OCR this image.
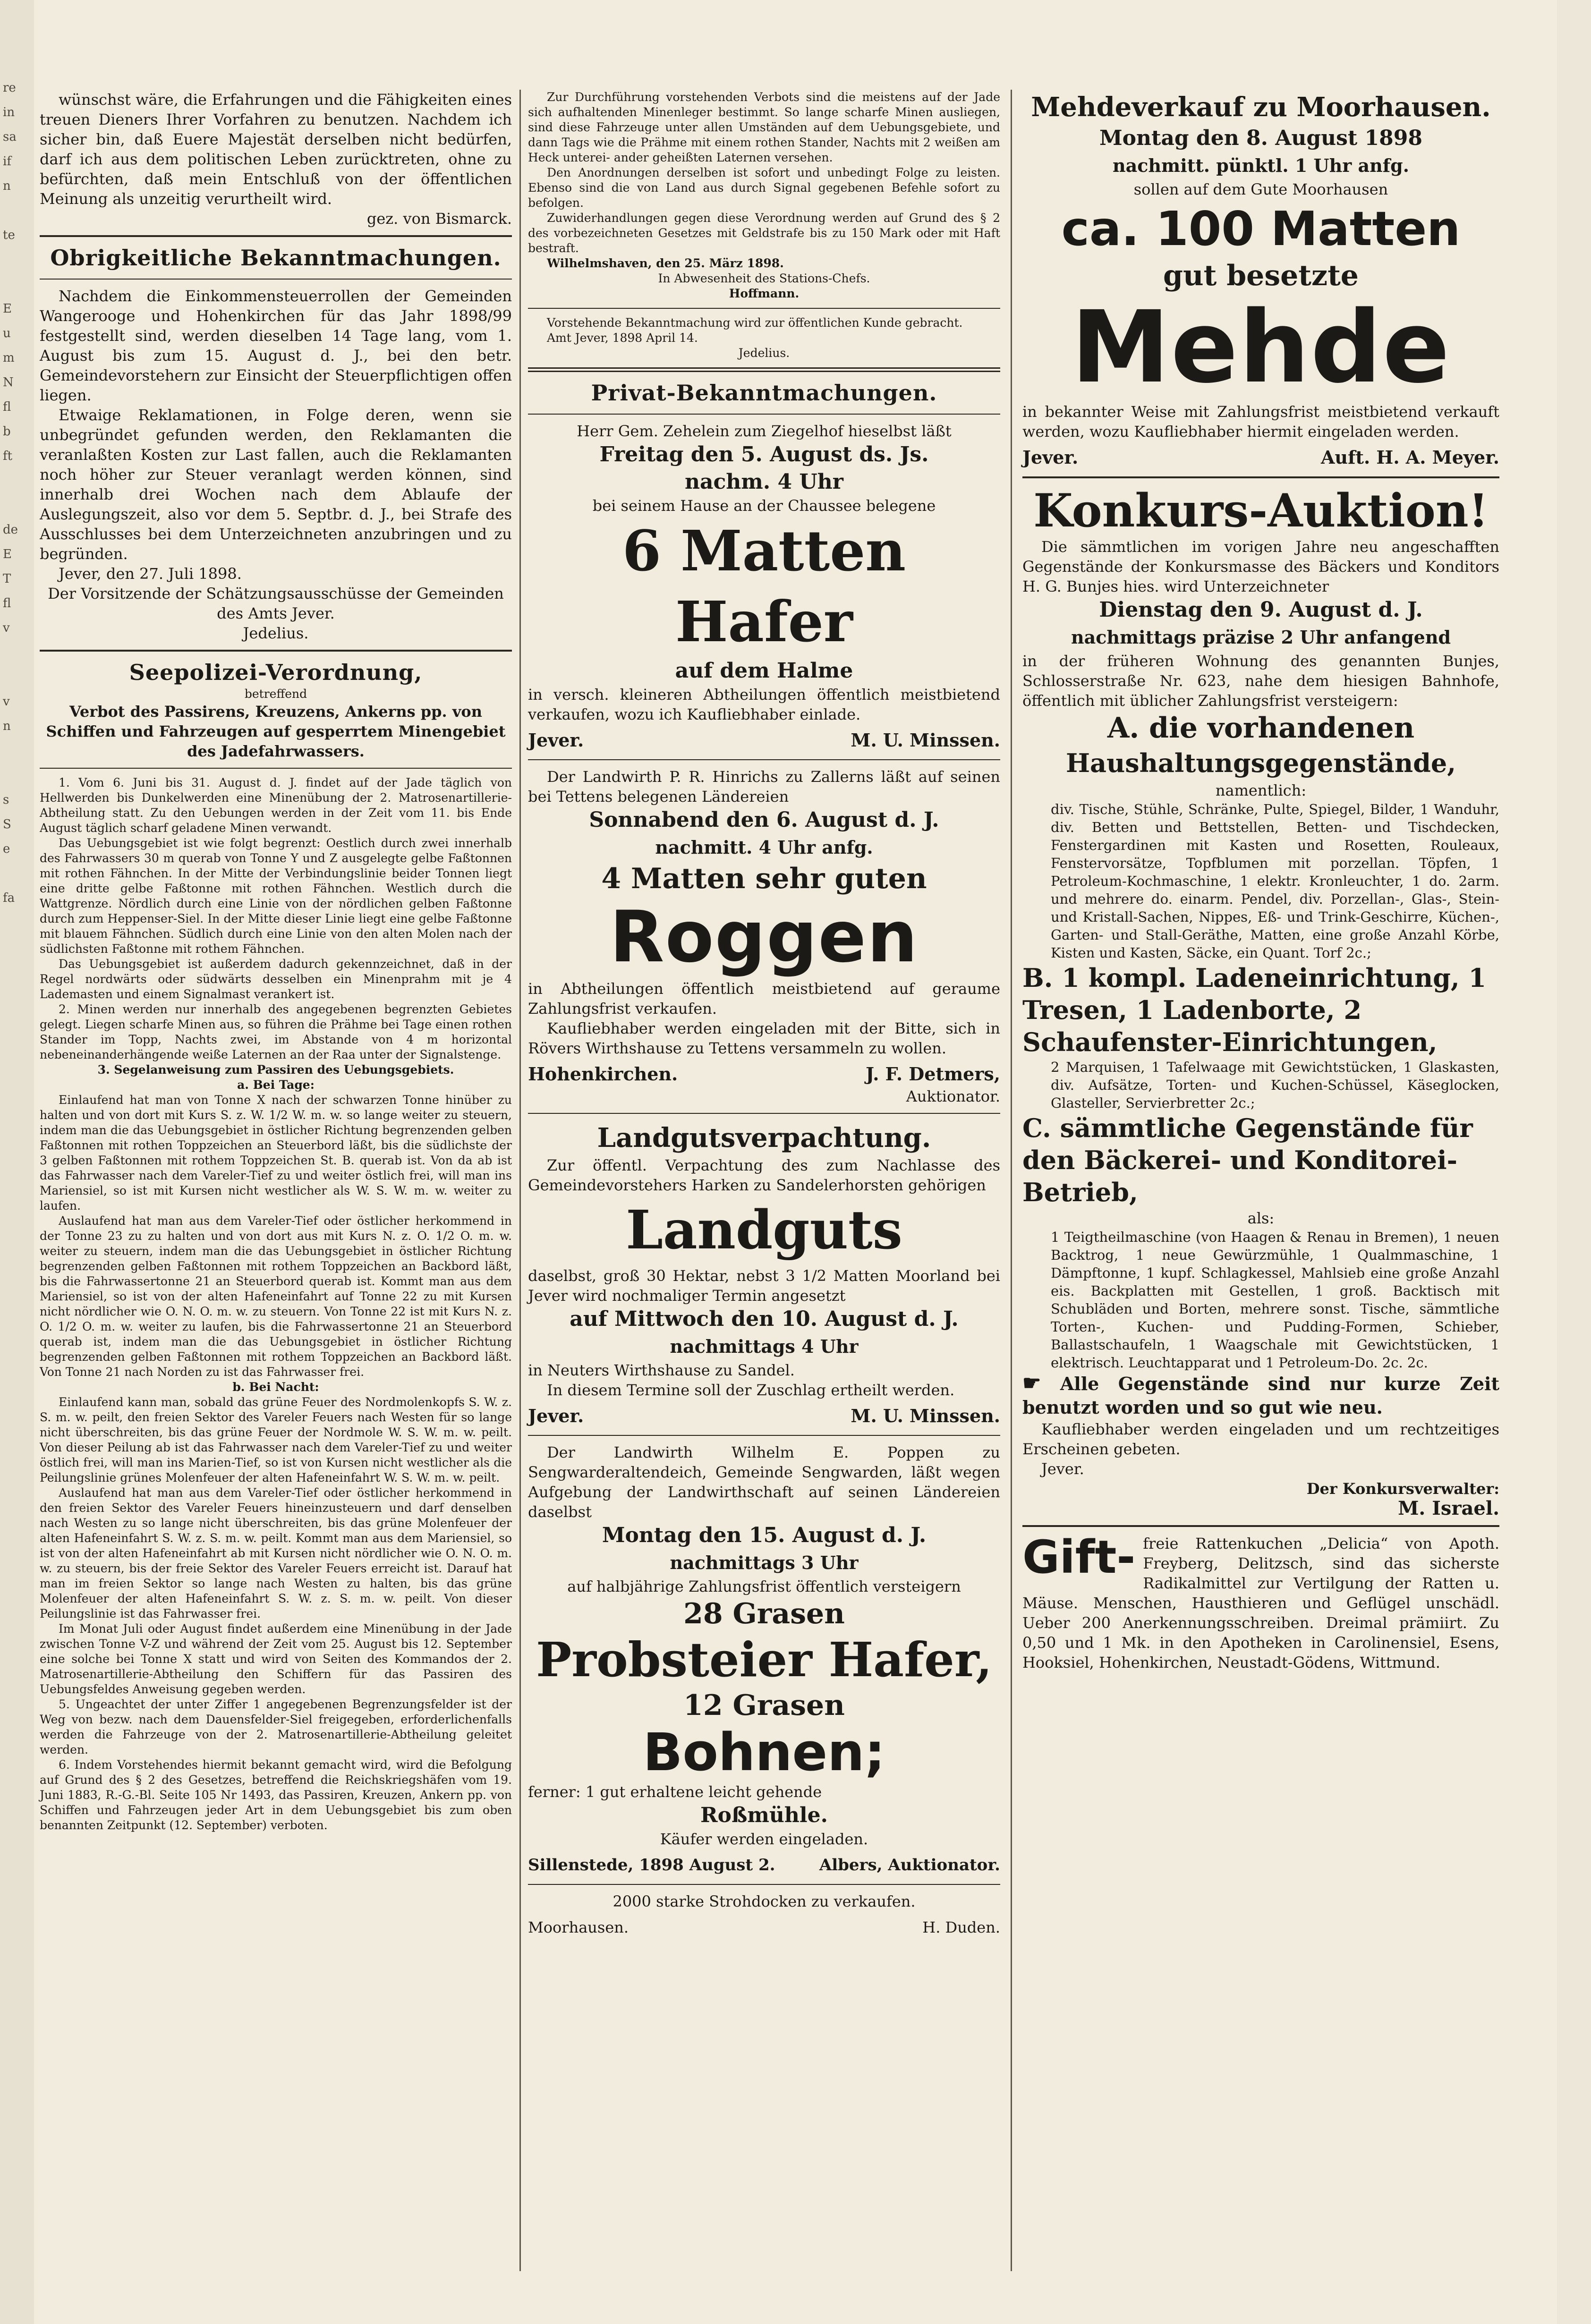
re
in
sa
if
n

te

E
u
m
N
fl
b
ft

de
E
T
fl
v

v
n

s
S
e

fa

wünschst wäre, die Erfahrungen und die Fähigkeiten eines treuen Dieners Ihrer Vorfahren zu benutzen. Nachdem ich sicher bin, daß Euere Majestät derselben nicht bedürfen, darf ich aus dem politischen Leben zurücktreten, ohne zu befürchten, daß mein Entschluß von der öffentlichen Meinung als unzeitig verurtheilt wird.

gez. von Bismarck.

Obrigkeitliche Bekanntmachungen.

Nachdem die Einkommensteuerrollen der Gemeinden Wangerooge und Hohenkirchen für das Jahr 1898/99 festgestellt sind, werden dieselben 14 Tage lang, vom 1. August bis zum 15. August d. J., bei den betr. Gemeindevorstehern zur Einsicht der Steuerpflichtigen offen liegen.

Etwaige Reklamationen, in Folge deren, wenn sie unbegründet gefunden werden, den Reklamanten die veranlaßten Kosten zur Last fallen, auch die Reklamanten noch höher zur Steuer veranlagt werden können, sind innerhalb drei Wochen nach dem Ablaufe der Auslegungszeit, also vor dem 5. Septbr. d. J., bei Strafe des Ausschlusses bei dem Unterzeichneten anzubringen und zu begründen.

Jever, den 27. Juli 1898.

Der Vorsitzende der Schätzungsausschüsse der Gemeinden des Amts Jever.

Jedelius.

Seepolizei-Verordnung,

betreffend

Verbot des Passirens, Kreuzens, Ankerns pp. von Schiffen und Fahrzeugen auf gesperrtem Minengebiet des Jadefahrwassers.

1. Vom 6. Juni bis 31. August d. J. findet auf der Jade täglich von Hellwerden bis Dunkelwerden eine Minenübung der 2. Matrosenartillerie-Abtheilung statt. Zu den Uebungen werden in der Zeit vom 11. bis Ende August täglich scharf geladene Minen verwandt.

Das Uebungsgebiet ist wie folgt begrenzt: Oestlich durch zwei innerhalb des Fahrwassers 30 m querab von Tonne Y und Z ausgelegte gelbe Faßtonnen mit rothen Fähnchen. In der Mitte der Verbindungslinie beider Tonnen liegt eine dritte gelbe Faßtonne mit rothen Fähnchen. Westlich durch die Wattgrenze. Nördlich durch eine Linie von der nördlichen gelben Faßtonne durch zum Heppenser-Siel. In der Mitte dieser Linie liegt eine gelbe Faßtonne mit blauem Fähnchen. Südlich durch eine Linie von den alten Molen nach der südlichsten Faßtonne mit rothem Fähnchen.

Das Uebungsgebiet ist außerdem dadurch gekennzeichnet, daß in der Regel nordwärts oder südwärts desselben ein Minenprahm mit je 4 Lademasten und einem Signalmast verankert ist.

2. Minen werden nur innerhalb des angegebenen begrenzten Gebietes gelegt. Liegen scharfe Minen aus, so führen die Prähme bei Tage einen rothen Stander im Topp, Nachts zwei, im Abstande von 4 m horizontal nebeneinanderhängende weiße Laternen an der Raa unter der Signalstenge.

3. Segelanweisung zum Passiren des Uebungsgebiets.

a. Bei Tage:

Einlaufend hat man von Tonne X nach der schwarzen Tonne hinüber zu halten und von dort mit Kurs S. z. W. 1/2 W. m. w. so lange weiter zu steuern, indem man die das Uebungsgebiet in östlicher Richtung begrenzenden gelben Faßtonnen mit rothen Toppzeichen an Steuerbord läßt, bis die südlichste der 3 gelben Faßtonnen mit rothem Toppzeichen St. B. querab ist. Von da ab ist das Fahrwasser nach dem Vareler-Tief zu und weiter östlich frei, will man ins Mariensiel, so ist mit Kursen nicht westlicher als W. S. W. m. w. weiter zu laufen.

Auslaufend hat man aus dem Vareler-Tief oder östlicher herkommend in der Tonne 23 zu zu halten und von dort aus mit Kurs N. z. O. 1/2 O. m. w. weiter zu steuern, indem man die das Uebungsgebiet in östlicher Richtung begrenzenden gelben Faßtonnen mit rothem Toppzeichen an Backbord läßt, bis die Fahrwassertonne 21 an Steuerbord querab ist. Kommt man aus dem Mariensiel, so ist von der alten Hafeneinfahrt auf Tonne 22 zu mit Kursen nicht nördlicher wie O. N. O. m. w. zu steuern. Von Tonne 22 ist mit Kurs N. z. O. 1/2 O. m. w. weiter zu laufen, bis die Fahrwassertonne 21 an Steuerbord querab ist, indem man die das Uebungsgebiet in östlicher Richtung begrenzenden gelben Faßtonnen mit rothem Toppzeichen an Backbord läßt. Von Tonne 21 nach Norden zu ist das Fahrwasser frei.

b. Bei Nacht:

Einlaufend kann man, sobald das grüne Feuer des Nordmolenkopfs S. W. z. S. m. w. peilt, den freien Sektor des Vareler Feuers nach Westen für so lange nicht überschreiten, bis das grüne Feuer der Nordmole W. S. W. m. w. peilt. Von dieser Peilung ab ist das Fahrwasser nach dem Vareler-Tief zu und weiter östlich frei, will man ins Marien-Tief, so ist von Kursen nicht westlicher als die Peilungslinie grünes Molenfeuer der alten Hafeneinfahrt W. S. W. m. w. peilt.

Auslaufend hat man aus dem Vareler-Tief oder östlicher herkommend in den freien Sektor des Vareler Feuers hineinzusteuern und darf denselben nach Westen zu so lange nicht überschreiten, bis das grüne Molenfeuer der alten Hafeneinfahrt S. W. z. S. m. w. peilt. Kommt man aus dem Mariensiel, so ist von der alten Hafeneinfahrt ab mit Kursen nicht nördlicher wie O. N. O. m. w. zu steuern, bis der freie Sektor des Vareler Feuers erreicht ist. Darauf hat man im freien Sektor so lange nach Westen zu halten, bis das grüne Molenfeuer der alten Hafeneinfahrt S. W. z. S. m. w. peilt. Von dieser Peilungslinie ist das Fahrwasser frei.

Im Monat Juli oder August findet außerdem eine Minenübung in der Jade zwischen Tonne V-Z und während der Zeit vom 25. August bis 12. September eine solche bei Tonne X statt und wird von Seiten des Kommandos der 2. Matrosenartillerie-Abtheilung den Schiffern für das Passiren des Uebungsfeldes Anweisung gegeben werden.

5. Ungeachtet der unter Ziffer 1 angegebenen Begrenzungsfelder ist der Weg von bezw. nach dem Dauensfelder-Siel freigegeben, erforderlichenfalls werden die Fahrzeuge von der 2. Matrosenartillerie-Abtheilung geleitet werden.

6. Indem Vorstehendes hiermit bekannt gemacht wird, wird die Befolgung auf Grund des § 2 des Gesetzes, betreffend die Reichskriegshäfen vom 19. Juni 1883, R.-G.-Bl. Seite 105 Nr 1493, das Passiren, Kreuzen, Ankern pp. von Schiffen und Fahrzeugen jeder Art in dem Uebungsgebiet bis zum oben benannten Zeitpunkt (12. September) verboten.

Zur Durchführung vorstehenden Verbots sind die meistens auf der Jade sich aufhaltenden Minenleger bestimmt. So lange scharfe Minen ausliegen, sind diese Fahrzeuge unter allen Umständen auf dem Uebungsgebiete, und dann Tags wie die Prähme mit einem rothen Stander, Nachts mit 2 weißen am Heck unterei- ander geheißten Laternen versehen.

Den Anordnungen derselben ist sofort und unbedingt Folge zu leisten. Ebenso sind die von Land aus durch Signal gegebenen Befehle sofort zu befolgen.

Zuwiderhandlungen gegen diese Verordnung werden auf Grund des § 2 des vorbezeichneten Gesetzes mit Geldstrafe bis zu 150 Mark oder mit Haft bestraft.

Wilhelmshaven, den 25. März 1898.

In Abwesenheit des Stations-Chefs.

Hoffmann.

Vorstehende Bekanntmachung wird zur öffentlichen Kunde gebracht.

Amt Jever, 1898 April 14.

Jedelius.

Privat-Bekanntmachungen.

Herr Gem. Zehelein zum Ziegelhof hieselbst läßt

Freitag den 5. August ds. Js.

nachm. 4 Uhr

bei seinem Hause an der Chaussee belegene

6 Matten Hafer

auf dem Halme

in versch. kleineren Abtheilungen öffentlich meistbietend verkaufen, wozu ich Kaufliebhaber einlade.

Jever.	M. U. Minssen.

Der Landwirth P. R. Hinrichs zu Zallerns läßt auf seinen bei Tettens belegenen Ländereien

Sonnabend den 6. August d. J.

nachmitt. 4 Uhr anfg.

4 Matten sehr guten

Roggen

in Abtheilungen öffentlich meistbietend auf geraume Zahlungsfrist verkaufen.

Kaufliebhaber werden eingeladen mit der Bitte, sich in Rövers Wirthshause zu Tettens versammeln zu wollen.

Hohenkirchen.	J. F. Detmers,

Auktionator.

Landgutsverpachtung.

Zur öffentl. Verpachtung des zum Nachlasse des Gemeindevorstehers Harken zu Sandelerhorsten gehörigen

Landguts

daselbst, groß 30 Hektar, nebst 3 1/2 Matten Moorland bei Jever wird nochmaliger Termin angesetzt

auf Mittwoch den 10. August d. J.

nachmittags 4 Uhr

in Neuters Wirthshause zu Sandel.

In diesem Termine soll der Zuschlag ertheilt werden.

Jever.	M. U. Minssen.

Der Landwirth Wilhelm E. Poppen zu Sengwarderaltendeich, Gemeinde Sengwarden, läßt wegen Aufgebung der Landwirthschaft auf seinen Ländereien daselbst

Montag den 15. August d. J.

nachmittags 3 Uhr

auf halbjährige Zahlungsfrist öffentlich versteigern

28 Grasen

Probsteier Hafer,

12 Grasen

Bohnen;

ferner: 1 gut erhaltene leicht gehende

Roßmühle.

Käufer werden eingeladen.

Sillenstede, 1898 August 2.	Albers, Auktionator.

2000 starke Strohdocken zu verkaufen.

Moorhausen.	H. Duden.

Mehdeverkauf zu Moorhausen.

Montag den 8. August 1898

nachmitt. pünktl. 1 Uhr anfg.

sollen auf dem Gute Moorhausen

ca. 100 Matten

gut besetzte

Mehde

in bekannter Weise mit Zahlungsfrist meistbietend verkauft werden, wozu Kaufliebhaber hiermit eingeladen werden.

Jever.	Auft. H. A. Meyer.

Konkurs-Auktion!

Die sämmtlichen im vorigen Jahre neu angeschafften Gegenstände der Konkursmasse des Bäckers und Konditors H. G. Bunjes hies. wird Unterzeichneter

Dienstag den 9. August d. J.

nachmittags präzise 2 Uhr anfangend

in der früheren Wohnung des genannten Bunjes, Schlosserstraße Nr. 623, nahe dem hiesigen Bahnhofe, öffentlich mit üblicher Zahlungsfrist versteigern:

A. die vorhandenen

Haushaltungsgegenstände,

namentlich:

div. Tische, Stühle, Schränke, Pulte, Spiegel, Bilder, 1 Wanduhr, div. Betten und Bettstellen, Betten- und Tischdecken, Fenstergardinen mit Kasten und Rosetten, Rouleaux, Fenstervorsätze, Topfblumen mit porzellan. Töpfen, 1 Petroleum-Kochmaschine, 1 elektr. Kronleuchter, 1 do. 2arm. und mehrere do. einarm. Pendel, div. Porzellan-, Glas-, Stein- und Kristall-Sachen, Nippes, Eß- und Trink-Geschirre, Küchen-, Garten- und Stall-Geräthe, Matten, eine große Anzahl Körbe, Kisten und Kasten, Säcke, ein Quant. Torf 2c.;

B. 1 kompl. Ladeneinrichtung, 1 Tresen, 1 Ladenborte, 2 Schaufenster-Einrichtungen,

2 Marquisen, 1 Tafelwaage mit Gewichtstücken, 1 Glaskasten, div. Aufsätze, Torten- und Kuchen-Schüssel, Käseglocken, Glasteller, Servierbretter 2c.;

C. sämmtliche Gegenstände für den Bäckerei- und Konditorei-Betrieb,

als:

1 Teigtheilmaschine (von Haagen & Renau in Bremen), 1 neuen Backtrog, 1 neue Gewürzmühle, 1 Qualmmaschine, 1 Dämpftonne, 1 kupf. Schlagkessel, Mahlsieb eine große Anzahl eis. Backplatten mit Gestellen, 1 groß. Backtisch mit Schubläden und Borten, mehrere sonst. Tische, sämmtliche Torten-, Kuchen- und Pudding-Formen, Schieber, Ballastschaufeln, 1 Waagschale mit Gewichtstücken, 1 elektrisch. Leuchtapparat und 1 Petroleum-Do. 2c. 2c.

☛ Alle Gegenstände sind nur kurze Zeit benutzt worden und so gut wie neu.

Kaufliebhaber werden eingeladen und um rechtzeitiges Erscheinen gebeten.

Jever.

Der Konkursverwalter:

M. Israel.

Gift- freie Rattenkuchen „Delicia“ von Apoth. Freyberg, Delitzsch, sind das sicherste Radikalmittel zur Vertilgung der Ratten u. Mäuse. Menschen, Hausthieren und Geflügel unschädl. Ueber 200 Anerkennungsschreiben. Dreimal prämiirt. Zu 0,50 und 1 Mk. in den Apotheken in Carolinensiel, Esens, Hooksiel, Hohenkirchen, Neustadt-Gödens, Wittmund.
